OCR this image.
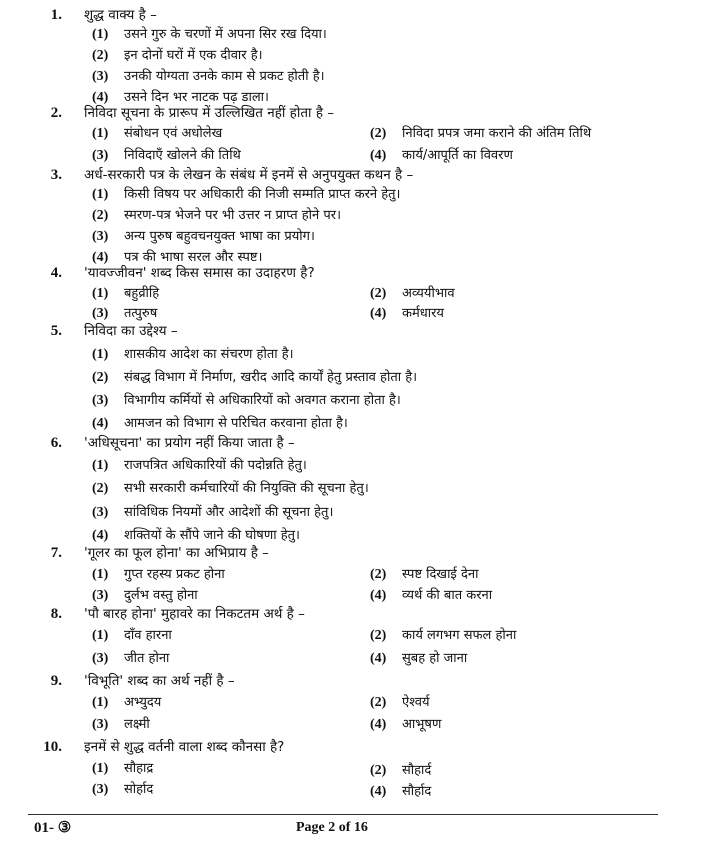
1. शुद्ध वाक्य है –
(1)	उसने गुरु के चरणों में अपना सिर रख दिया।
(2)	इन दोनों घरों में एक दीवार है।
(3)	उनकी योग्यता उनके काम से प्रकट होती है।
(4)	उसने दिन भर नाटक पढ़ डाला।
2. निविदा सूचना के प्रारूप में उल्लिखित नहीं होता है –
(1)	संबोधन एवं अधोलेख	(2)	निविदा प्रपत्र जमा कराने की अंतिम तिथि
(3)	निविदाएँ खोलने की तिथि	(4)	कार्य/आपूर्ति का विवरण
3. अर्ध-सरकारी पत्र के लेखन के संबंध में इनमें से अनुपयुक्त कथन है –
(1)	किसी विषय पर अधिकारी की निजी सम्मति प्राप्त करने हेतु।
(2)	स्मरण-पत्र भेजने पर भी उत्तर न प्राप्त होने पर।
(3)	अन्य पुरुष बहुवचनयुक्त भाषा का प्रयोग।
(4)	पत्र की भाषा सरल और स्पष्ट।
4. 'यावज्जीवन' शब्द किस समास का उदाहरण है?
(1)	बहुव्रीहि	(2)	अव्ययीभाव
(3)	तत्पुरुष	(4)	कर्मधारय
5. निविदा का उद्देश्य –
(1)	शासकीय आदेश का संचरण होता है।
(2)	संबद्ध विभाग में निर्माण, खरीद आदि कार्यों हेतु प्रस्ताव होता है।
(3)	विभागीय कर्मियों से अधिकारियों को अवगत कराना होता है।
(4)	आमजन को विभाग से परिचित करवाना होता है।
6. 'अधिसूचना' का प्रयोग नहीं किया जाता है –
(1)	राजपत्रित अधिकारियों की पदोन्नति हेतु।
(2)	सभी सरकारी कर्मचारियों की नियुक्ति की सूचना हेतु।
(3)	सांविधिक नियमों और आदेशों की सूचना हेतु।
(4)	शक्तियों के सौंपे जाने की घोषणा हेतु।
7. 'गूलर का फूल होना' का अभिप्राय है –
(1)	गुप्त रहस्य प्रकट होना	(2)	स्पष्ट दिखाई देना
(3)	दुर्लभ वस्तु होना	(4)	व्यर्थ की बात करना
8. 'पौ बारह होना' मुहावरे का निकटतम अर्थ है –
(1)	दाँव हारना	(2)	कार्य लगभग सफल होना
(3)	जीत होना	(4)	सुबह हो जाना
9. 'विभूति' शब्द का अर्थ नहीं है –
(1)	अभ्युदय	(2)	ऐश्वर्य
(3)	लक्ष्मी	(4)	आभूषण
10. इनमें से शुद्ध वर्तनी वाला शब्द कौनसा है?
(1)	सौहाद्र	(2)	सौहार्द
(3)	सोर्हाद	(4)	सौर्हाद
01- ③	Page 2 of 16
